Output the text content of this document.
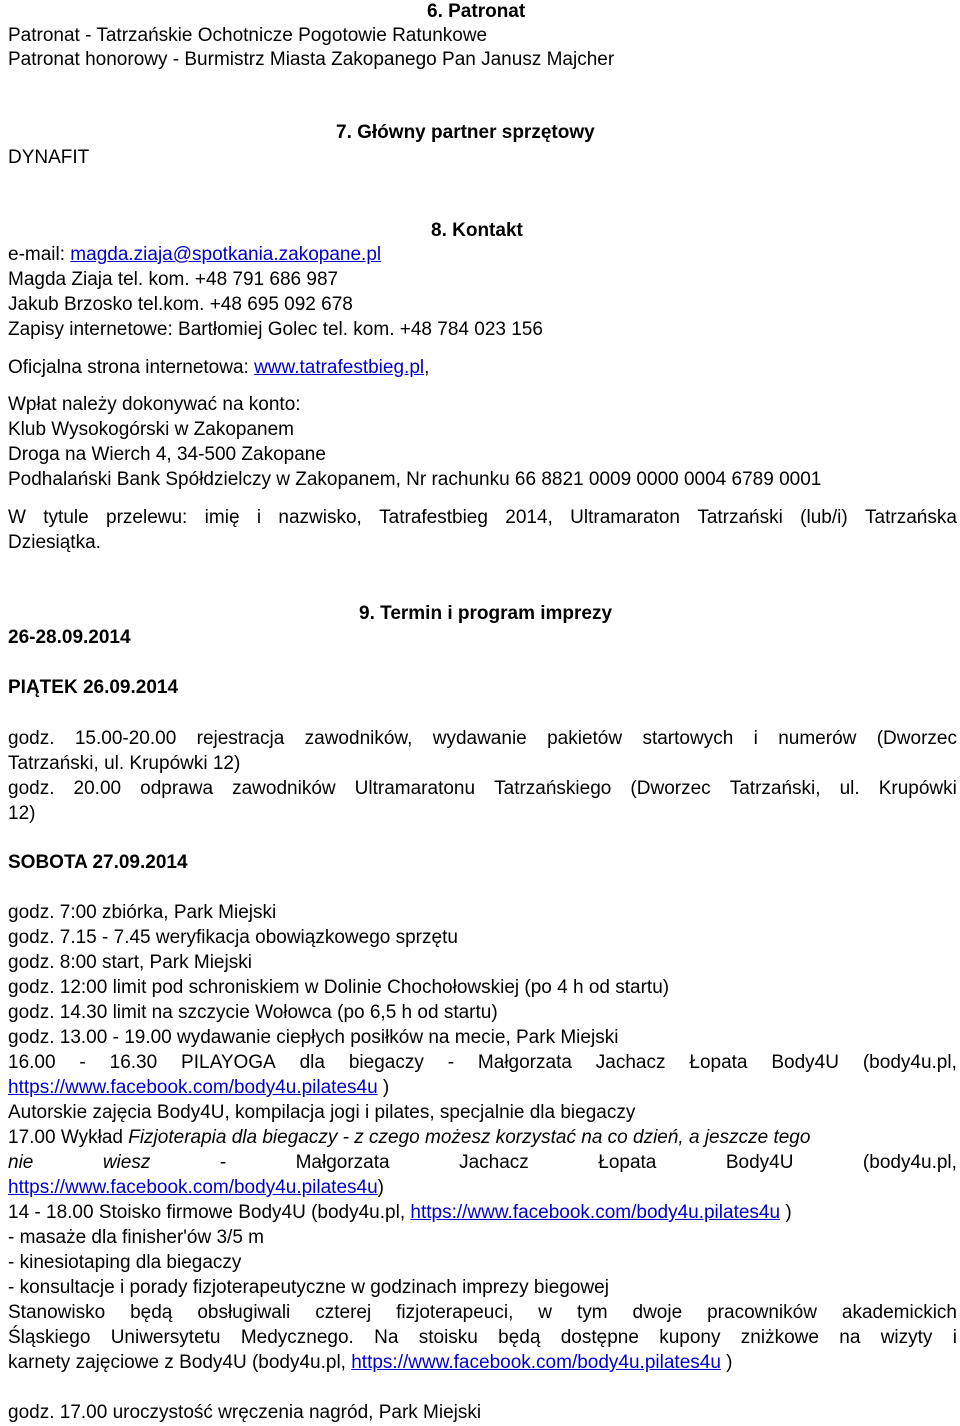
6. Patronat
Patronat - Tatrzańskie Ochotnicze Pogotowie Ratunkowe
Patronat honorowy - Burmistrz Miasta Zakopanego Pan Janusz Majcher
7. Główny partner sprzętowy
DYNAFIT
8. Kontakt
e-mail: magda.ziaja@spotkania.zakopane.pl
Magda Ziaja tel. kom. +48 791 686 987
Jakub Brzosko tel.kom. +48 695 092 678
Zapisy internetowe: Bartłomiej Golec tel. kom. +48 784 023 156
Oficjalna strona internetowa: www.tatrafestbieg.pl,
Wpłat należy dokonywać na konto:
Klub Wysokogórski w Zakopanem
Droga na Wierch 4, 34-500 Zakopane
Podhalański Bank Spółdzielczy w Zakopanem, Nr rachunku 66 8821 0009 0000 0004 6789 0001
W tytule przelewu: imię i nazwisko, Tatrafestbieg 2014, Ultramaraton Tatrzański (lub/i) Tatrzańska
Dziesiątka.
9. Termin i program imprezy
26-28.09.2014
PIĄTEK 26.09.2014
godz. 15.00-20.00 rejestracja zawodników, wydawanie pakietów startowych i numerów (Dworzec
Tatrzański, ul. Krupówki 12)
godz. 20.00 odprawa zawodników Ultramaratonu Tatrzańskiego (Dworzec Tatrzański, ul. Krupówki
12)
SOBOTA 27.09.2014
godz. 7:00 zbiórka, Park Miejski
godz. 7.15 - 7.45 weryfikacja obowiązkowego sprzętu
godz. 8:00 start, Park Miejski
godz. 12:00 limit pod schroniskiem w Dolinie Chochołowskiej (po 4 h od startu)
godz. 14.30 limit na szczycie Wołowca (po 6,5 h od startu)
godz. 13.00 - 19.00 wydawanie ciepłych posiłków na mecie, Park Miejski
16.00 - 16.30 PILAYOGA dla biegaczy - Małgorzata Jachacz Łopata Body4U (body4u.pl,
https://www.facebook.com/body4u.pilates4u )
Autorskie zajęcia Body4U, kompilacja jogi i pilates, specjalnie dla biegaczy
17.00 Wykład Fizjoterapia dla biegaczy - z czego możesz korzystać na co dzień, a jeszcze tego
nie	wiesz	-	Małgorzata	Jachacz	Łopata	Body4U	(body4u.pl,
https://www.facebook.com/body4u.pilates4u)
14 - 18.00 Stoisko firmowe Body4U (body4u.pl, https://www.facebook.com/body4u.pilates4u )
- masaże dla finisher'ów 3/5 m
- kinesiotaping dla biegaczy
- konsultacje i porady fizjoterapeutyczne w godzinach imprezy biegowej
Stanowisko będą obsługiwali czterej fizjoterapeuci, w tym dwoje pracowników akademickich
Śląskiego Uniwersytetu Medycznego. Na stoisku będą dostępne kupony zniżkowe na wizyty i
karnety zajęciowe z Body4U (body4u.pl, https://www.facebook.com/body4u.pilates4u )
godz. 17.00 uroczystość wręczenia nagród, Park Miejski
